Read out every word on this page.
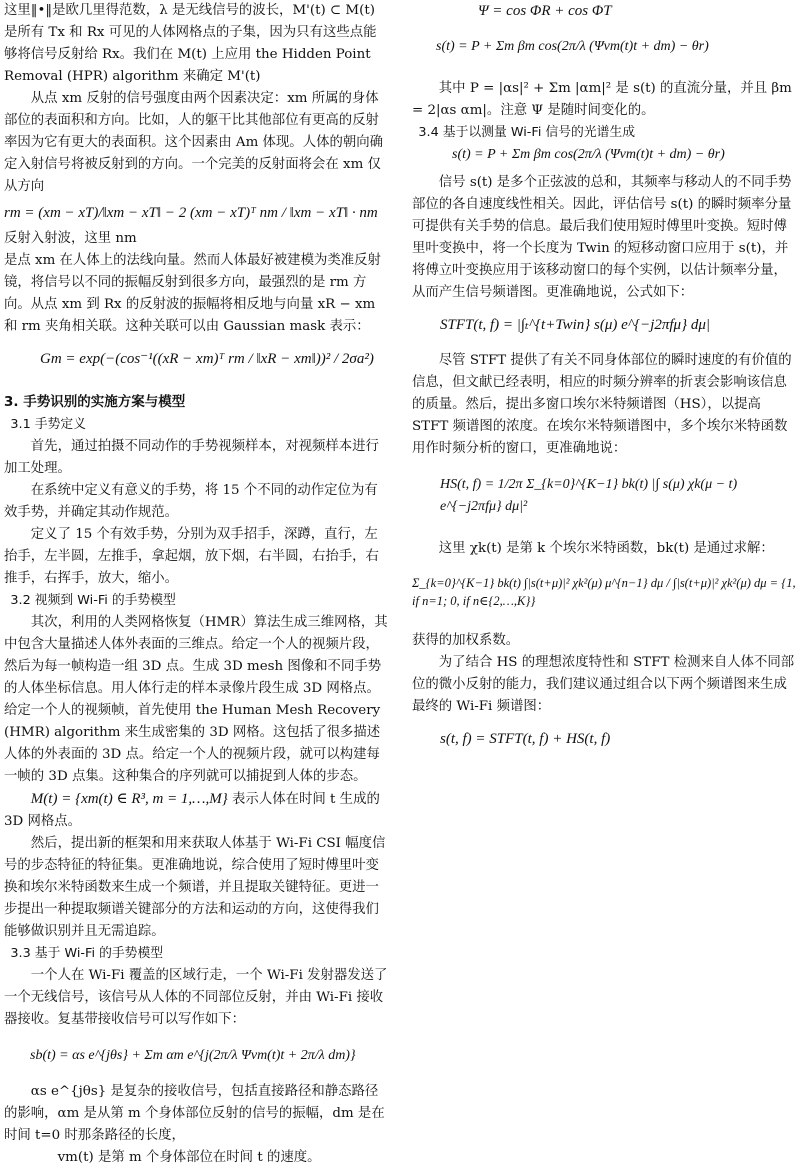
这里‖•‖是欧几里得范数，λ 是无线信号的波长，M'(t) ⊂ M(t) 是所有 Tx 和 Rx 可见的人体网格点的子集，因为只有这些点能够将信号反射给 Rx。我们在 M(t) 上应用 the Hidden Point Removal (HPR) algorithm 来确定 M'(t)

从点 xm 反射的信号强度由两个因素决定：xm 所属的身体部位的表面积和方向。比如，人的躯干比其他部位有更高的反射率因为它有更大的表面积。这个因素由 Am 体现。人体的朝向确定入射信号将被反射到的方向。一个完美的反射面将会在 xm 仅从方向

rm = (xm − xT)/‖xm − xT‖ − 2 (xm − xT)ᵀ nm / ‖xm − xT‖ · nm

反射入射波，这里 nm

是点 xm 在人体上的法线向量。然而人体最好被建模为类准反射镜，将信号以不同的振幅反射到很多方向，最强烈的是 rm 方向。从点 xm 到 Rx 的反射波的振幅将相反地与向量 xR − xm 和 rm 夹角相关联。这种关联可以由 Gaussian mask 表示：

Gm = exp(−(cos⁻¹((xR − xm)ᵀ rm / ‖xR − xm‖))² / 2σa²)
3. 手势识别的实施方案与模型
3.1 手势定义

首先，通过拍摄不同动作的手势视频样本，对视频样本进行加工处理。

在系统中定义有意义的手势，将 15 个不同的动作定位为有效手势，并确定其动作规范。

定义了 15 个有效手势，分别为双手招手，深蹲，直行，左抬手，左半圆，左推手，拿起烟，放下烟，右半圆，右抬手，右推手，右挥手，放大，缩小。

3.2 视频到 Wi-Fi 的手势模型

其次，利用的人类网格恢复（HMR）算法生成三维网格，其中包含大量描述人体外表面的三维点。给定一个人的视频片段，然后为每一帧构造一组 3D 点。生成 3D mesh 图像和不同手势的人体坐标信息。用人体行走的样本录像片段生成 3D 网格点。给定一个人的视频帧，首先使用 the Human Mesh Recovery (HMR) algorithm 来生成密集的 3D 网格。这包括了很多描述人体的外表面的 3D 点。给定一个人的视频片段，就可以构建每一帧的 3D 点集。这种集合的序列就可以捕捉到人体的步态。

M(t) = {xm(t) ∈ R³, m = 1,…,M} 表示人体在时间 t 生成的 3D 网格点。

然后，提出新的框架和用来获取人体基于 Wi-Fi CSI 幅度信号的步态特征的特征集。更准确地说，综合使用了短时傅里叶变换和埃尔米特函数来生成一个频谱，并且提取关键特征。更进一步提出一种提取频谱关键部分的方法和运动的方向，这使得我们能够做识别并且无需追踪。

3.3 基于 Wi-Fi 的手势模型

一个人在 Wi-Fi 覆盖的区域行走，一个 Wi-Fi 发射器发送了一个无线信号，该信号从人体的不同部位反射，并由 Wi-Fi 接收器接收。复基带接收信号可以写作如下：

sb(t) = αs e^{jθs} + Σm αm e^{j(2π/λ Ψvm(t)t + 2π/λ dm)}

αs e^{jθs} 是复杂的接收信号，包括直接路径和静态路径的影响，αm 是从第 m 个身体部位反射的信号的振幅，dm 是在时间 t=0 时那条路径的长度，

vm(t) 是第 m 个身体部位在时间 t 的速度。

Ψ = cos ΦR + cos ΦT
s(t) = P + Σm βm cos(2π/λ (Ψvm(t)t + dm) − θr)

其中 P = |αs|² + Σm |αm|² 是 s(t) 的直流分量，并且 βm = 2|αs αm|。注意 Ψ 是随时间变化的。

3.4 基于以测量 Wi-Fi 信号的光谱生成
s(t) = P + Σm βm cos(2π/λ (Ψvm(t)t + dm) − θr)

信号 s(t) 是多个正弦波的总和，其频率与移动人的不同手势部位的各自速度线性相关。因此，评估信号 s(t) 的瞬时频率分量可提供有关手势的信息。最后我们使用短时傅里叶变换。短时傅里叶变换中，将一个长度为 Twin 的短移动窗口应用于 s(t)，并将傅立叶变换应用于该移动窗口的每个实例，以估计频率分量，从而产生信号频谱图。更准确地说，公式如下：

STFT(t, f) = |∫ₜ^{t+Twin} s(μ) e^{−j2πfμ} dμ|

尽管 STFT 提供了有关不同身体部位的瞬时速度的有价值的信息，但文献已经表明，相应的时频分辨率的折衷会影响该信息的质量。然后，提出多窗口埃尔米特频谱图（HS），以提高 STFT 频谱图的浓度。在埃尔米特频谱图中，多个埃尔米特函数用作时频分析的窗口，更准确地说：

HS(t, f) = 1/2π Σ_{k=0}^{K−1} bk(t) |∫ s(μ) χk(μ − t) e^{−j2πfμ} dμ|²

这里 χk(t) 是第 k 个埃尔米特函数，bk(t) 是通过求解：

Σ_{k=0}^{K−1} bk(t) ∫|s(t+μ)|² χk²(μ) μ^{n−1} dμ / ∫|s(t+μ)|² χk²(μ) dμ = {1, if n=1; 0, if n∈{2,…,K}}

获得的加权系数。

为了结合 HS 的理想浓度特性和 STFT 检测来自人体不同部位的微小反射的能力，我们建议通过组合以下两个频谱图来生成最终的 Wi-Fi 频谱图：

s(t, f) = STFT(t, f) + HS(t, f)
